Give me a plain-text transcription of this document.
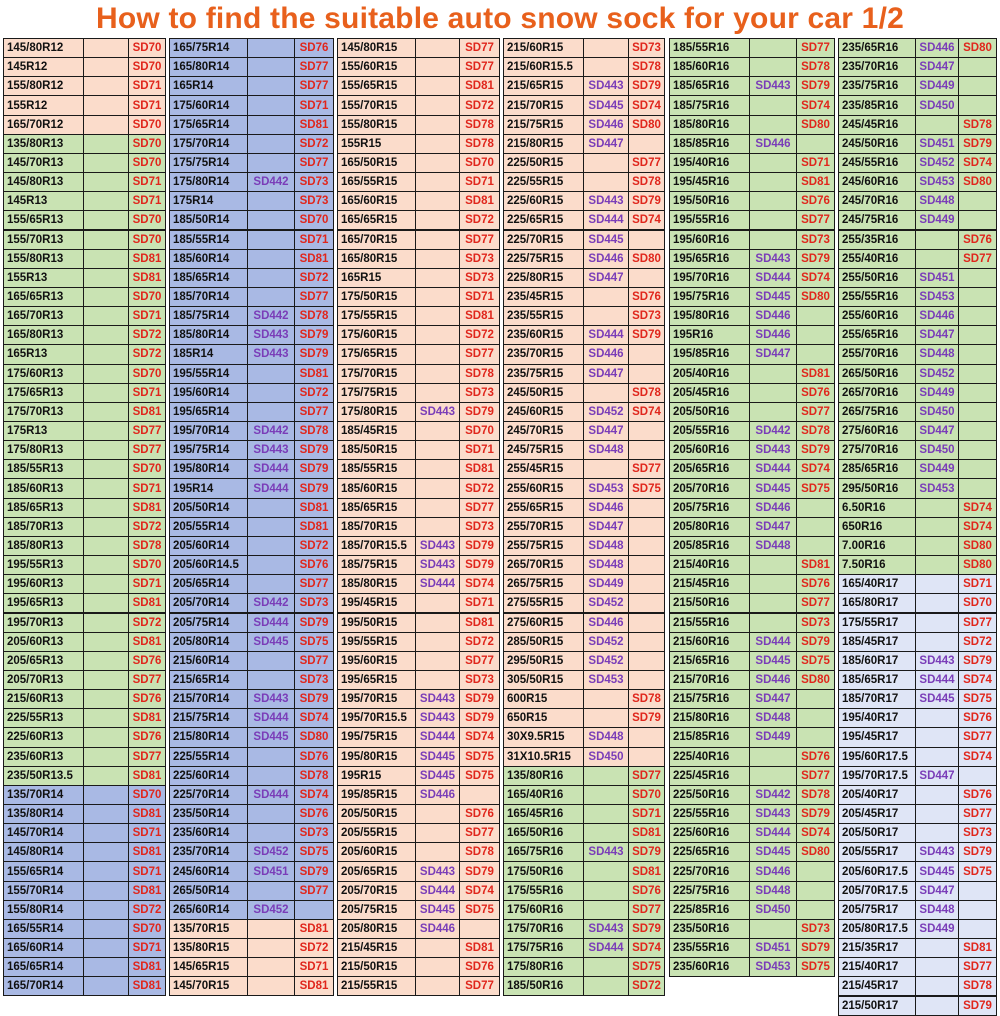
How to find the suitable auto snow sock for your car 1/2
145/80R12	SD70
145R12	SD70
155/80R12	SD71
155R12	SD71
165/70R12	SD70
135/80R13	SD70
145/70R13	SD70
145/80R13	SD71
145R13	SD71
155/65R13	SD70
155/70R13	SD70
155/80R13	SD81
155R13	SD81
165/65R13	SD70
165/70R13	SD71
165/80R13	SD72
165R13	SD72
175/60R13	SD70
175/65R13	SD71
175/70R13	SD81
175R13	SD77
175/80R13	SD77
185/55R13	SD70
185/60R13	SD71
185/65R13	SD81
185/70R13	SD72
185/80R13	SD78
195/55R13	SD70
195/60R13	SD71
195/65R13	SD81
195/70R13	SD72
205/60R13	SD81
205/65R13	SD76
205/70R13	SD77
215/60R13	SD76
225/55R13	SD81
225/60R13	SD76
235/60R13	SD77
235/50R13.5	SD81
135/70R14	SD70
135/80R14	SD81
145/70R14	SD71
145/80R14	SD81
155/65R14	SD71
155/70R14	SD81
155/80R14	SD72
165/55R14	SD70
165/60R14	SD71
165/65R14	SD81
165/70R14	SD81
165/75R14	SD76
165/80R14	SD77
165R14	SD77
175/60R14	SD71
175/65R14	SD81
175/70R14	SD72
175/75R14	SD77
175/80R14	SD442 SD73
175R14	SD73
185/50R14	SD70
185/55R14	SD71
185/60R14	SD81
185/65R14	SD72
185/70R14	SD77
185/75R14	SD442 SD78
185/80R14	SD443 SD79
185R14	SD443 SD79
195/55R14	SD81
195/60R14	SD72
195/65R14	SD77
195/70R14	SD442 SD78
195/75R14	SD443 SD79
195/80R14	SD444 SD79
195R14	SD444 SD79
205/50R14	SD81
205/55R14	SD81
205/60R14	SD72
205/60R14.5	SD76
205/65R14	SD77
205/70R14	SD442 SD73
205/75R14	SD444 SD79
205/80R14	SD445 SD75
215/60R14	SD77
215/65R14	SD73
215/70R14	SD443 SD79
215/75R14	SD444 SD74
215/80R14	SD445 SD80
225/55R14	SD76
225/60R14	SD78
225/70R14	SD444 SD74
235/50R14	SD76
235/60R14	SD73
235/70R14	SD452 SD75
245/60R14	SD451 SD79
265/50R14	SD77
265/60R14	SD452
135/70R15	SD81
135/80R15	SD72
145/65R15	SD71
145/70R15	SD81
145/80R15	SD77
155/60R15	SD77
155/65R15	SD81
155/70R15	SD72
155/80R15	SD78
155R15	SD78
165/50R15	SD70
165/55R15	SD71
165/60R15	SD81
165/65R15	SD72
165/70R15	SD77
165/80R15	SD73
165R15	SD73
175/50R15	SD71
175/55R15	SD81
175/60R15	SD72
175/65R15	SD77
175/70R15	SD78
175/75R15	SD73
175/80R15	SD443 SD79
185/45R15	SD70
185/50R15	SD71
185/55R15	SD81
185/60R15	SD72
185/65R15	SD77
185/70R15	SD73
185/70R15.5	SD443 SD79
185/75R15	SD443 SD79
185/80R15	SD444 SD74
195/45R15	SD71
195/50R15	SD81
195/55R15	SD72
195/60R15	SD77
195/65R15	SD73
195/70R15	SD443 SD79
195/70R15.5	SD443 SD79
195/75R15	SD444 SD74
195/80R15	SD445 SD75
195R15	SD445 SD75
195/85R15	SD446
205/50R15	SD76
205/55R15	SD77
205/60R15	SD78
205/65R15	SD443 SD79
205/70R15	SD444 SD74
205/75R15	SD445 SD75
205/80R15	SD446
215/45R15	SD81
215/50R15	SD76
215/55R15	SD77
215/60R15	SD73
215/60R15.5	SD78
215/65R15	SD443 SD79
215/70R15	SD445 SD74
215/75R15	SD446 SD80
215/80R15	SD447
225/50R15	SD77
225/55R15	SD78
225/60R15	SD443 SD79
225/65R15	SD444 SD74
225/70R15	SD445
225/75R15	SD446 SD80
225/80R15	SD447
235/45R15	SD76
235/55R15	SD73
235/60R15	SD444 SD79
235/70R15	SD446
235/75R15	SD447
245/50R15	SD78
245/60R15	SD452 SD74
245/70R15	SD447
245/75R15	SD448
255/45R15	SD77
255/60R15	SD453 SD75
255/65R15	SD446
255/70R15	SD447
255/75R15	SD448
265/70R15	SD448
265/75R15	SD449
275/55R15	SD452
275/60R15	SD446
285/50R15	SD452
295/50R15	SD452
305/50R15	SD453
600R15	SD78
650R15	SD79
30X9.5R15	SD448
31X10.5R15	SD450
135/80R16	SD77
165/40R16	SD70
165/45R16	SD71
165/50R16	SD81
165/75R16	SD443 SD79
175/50R16	SD81
175/55R16	SD76
175/60R16	SD77
175/70R16	SD443 SD79
175/75R16	SD444 SD74
175/80R16	SD75
185/50R16	SD72
185/55R16	SD77
185/60R16	SD78
185/65R16	SD443 SD79
185/75R16	SD74
185/80R16	SD80
185/85R16	SD446
195/40R16	SD71
195/45R16	SD81
195/50R16	SD76
195/55R16	SD77
195/60R16	SD73
195/65R16	SD443 SD79
195/70R16	SD444 SD74
195/75R16	SD445 SD80
195/80R16	SD446
195R16	SD446
195/85R16	SD447
205/40R16	SD81
205/45R16	SD76
205/50R16	SD77
205/55R16	SD442 SD78
205/60R16	SD443 SD79
205/65R16	SD444 SD74
205/70R16	SD445 SD75
205/75R16	SD446
205/80R16	SD447
205/85R16	SD448
215/40R16	SD81
215/45R16	SD76
215/50R16	SD77
215/55R16	SD73
215/60R16	SD444 SD79
215/65R16	SD445 SD75
215/70R16	SD446 SD80
215/75R16	SD447
215/80R16	SD448
215/85R16	SD449
225/40R16	SD76
225/45R16	SD77
225/50R16	SD442 SD78
225/55R16	SD443 SD79
225/60R16	SD444 SD74
225/65R16	SD445 SD80
225/70R16	SD446
225/75R16	SD448
225/85R16	SD450
235/50R16	SD73
235/55R16	SD451 SD79
235/60R16	SD453 SD75
235/65R16	SD446 SD80
235/70R16	SD447
235/75R16	SD449
235/85R16	SD450
245/45R16	SD78
245/50R16	SD451 SD79
245/55R16	SD452 SD74
245/60R16	SD453 SD80
245/70R16	SD448
245/75R16	SD449
255/35R16	SD76
255/40R16	SD77
255/50R16	SD451
255/55R16	SD453
255/60R16	SD446
255/65R16	SD447
255/70R16	SD448
265/50R16	SD452
265/70R16	SD449
265/75R16	SD450
275/60R16	SD447
275/70R16	SD450
285/65R16	SD449
295/50R16	SD453
6.50R16	SD74
650R16	SD74
7.00R16	SD80
7.50R16	SD80
165/40R17	SD71
165/80R17	SD70
175/55R17	SD77
185/45R17	SD72
185/60R17	SD443 SD79
185/65R17	SD444 SD74
185/70R17	SD445 SD75
195/40R17	SD76
195/45R17	SD77
195/60R17.5	SD74
195/70R17.5	SD447
205/40R17	SD76
205/45R17	SD77
205/50R17	SD73
205/55R17	SD443 SD79
205/60R17.5	SD445 SD75
205/70R17.5	SD447
205/75R17	SD448
205/80R17.5	SD449
215/35R17	SD81
215/40R17	SD77
215/45R17	SD78
215/50R17	SD79
